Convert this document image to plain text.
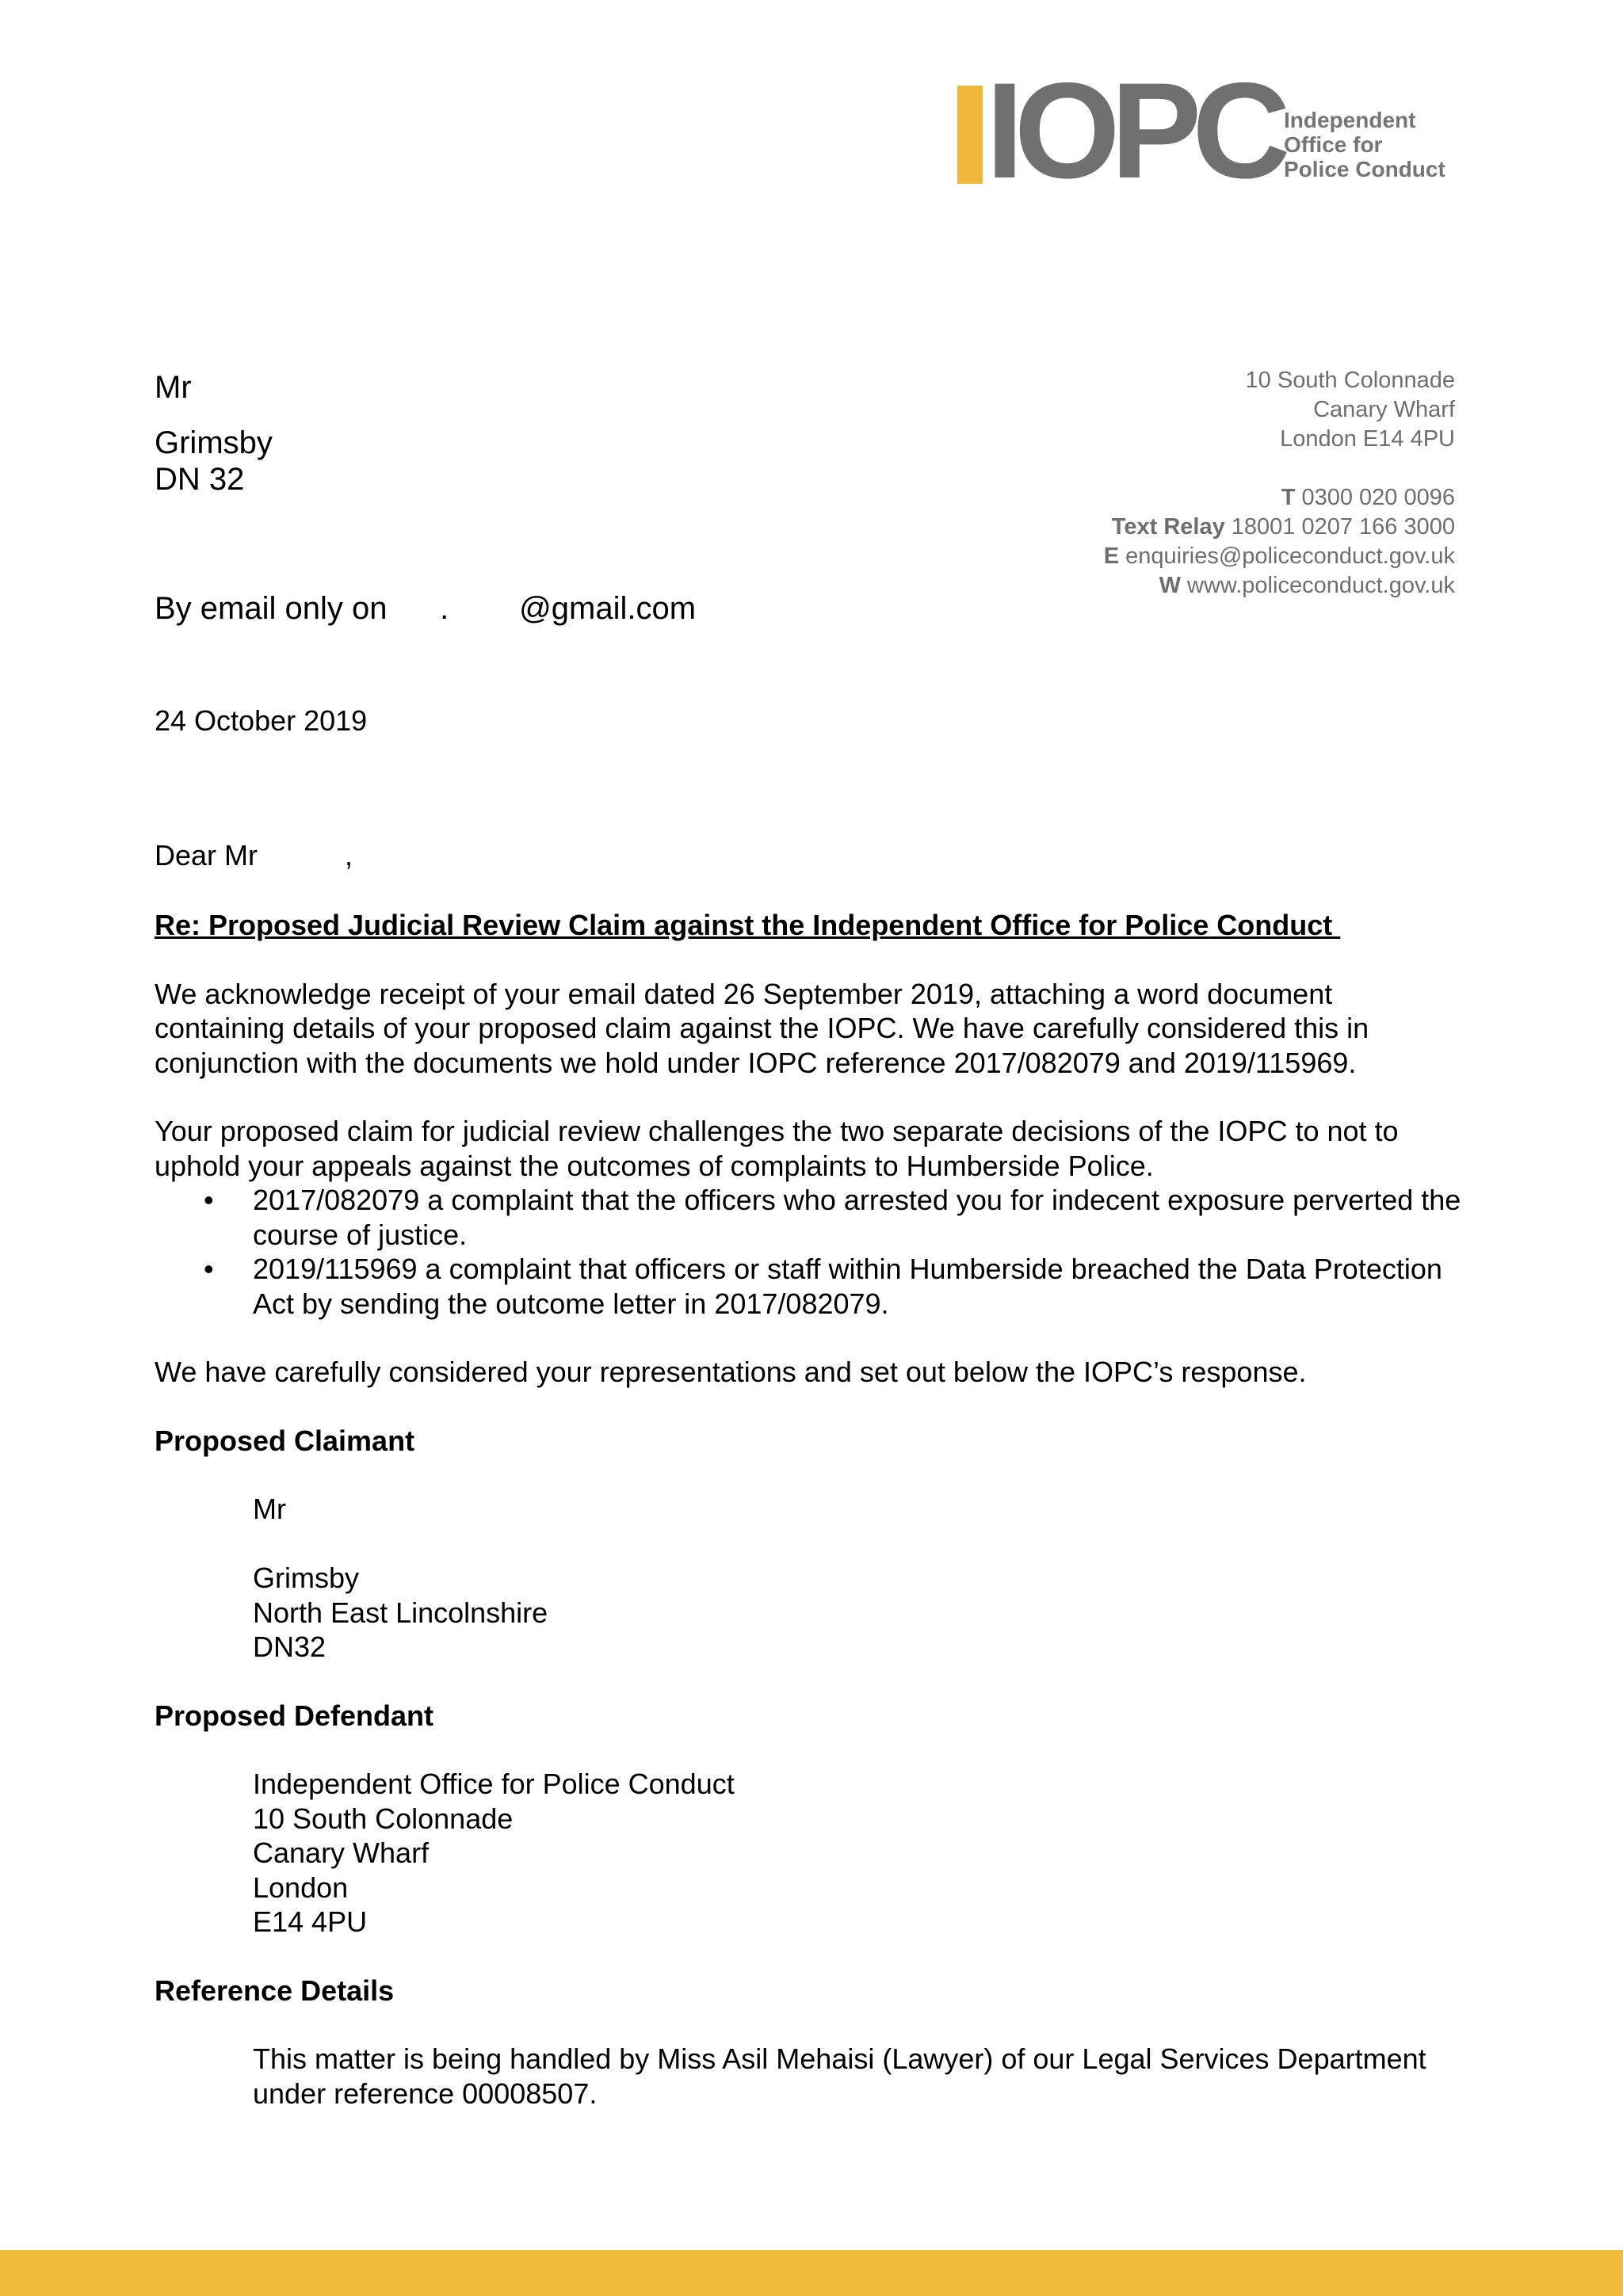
IOPC Independent
Office for
Police Conduct
10 South Colonnade
Canary Wharf
London E14 4PU
T 0300 020 0096
Text Relay 18001 0207 166 3000
E enquiries@policeconduct.gov.uk
W www.policeconduct.gov.uk
Mr
Grimsby
DN 32
By email only on      .        @gmail.com
24 October 2019
Dear Mr           ,

Re: Proposed Judicial Review Claim against the Independent Office for Police Conduct

We acknowledge receipt of your email dated 26 September 2019, attaching a word document containing details of your proposed claim against the IOPC. We have carefully considered this in conjunction with the documents we hold under IOPC reference 2017/082079 and 2019/115969.

Your proposed claim for judicial review challenges the two separate decisions of the IOPC to not to uphold your appeals against the outcomes of complaints to Humberside Police.

• 2017/082079 a complaint that the officers who arrested you for indecent exposure perverted the course of justice.
• 2019/115969 a complaint that officers or staff within Humberside breached the Data Protection Act by sending the outcome letter in 2017/082079.

We have carefully considered your representations and set out below the IOPC’s response.

Proposed Claimant

Mr
Grimsby
North East Lincolnshire
DN32

Proposed Defendant

Independent Office for Police Conduct
10 South Colonnade
Canary Wharf
London
E14 4PU

Reference Details

This matter is being handled by Miss Asil Mehaisi (Lawyer) of our Legal Services Department under reference 00008507.
